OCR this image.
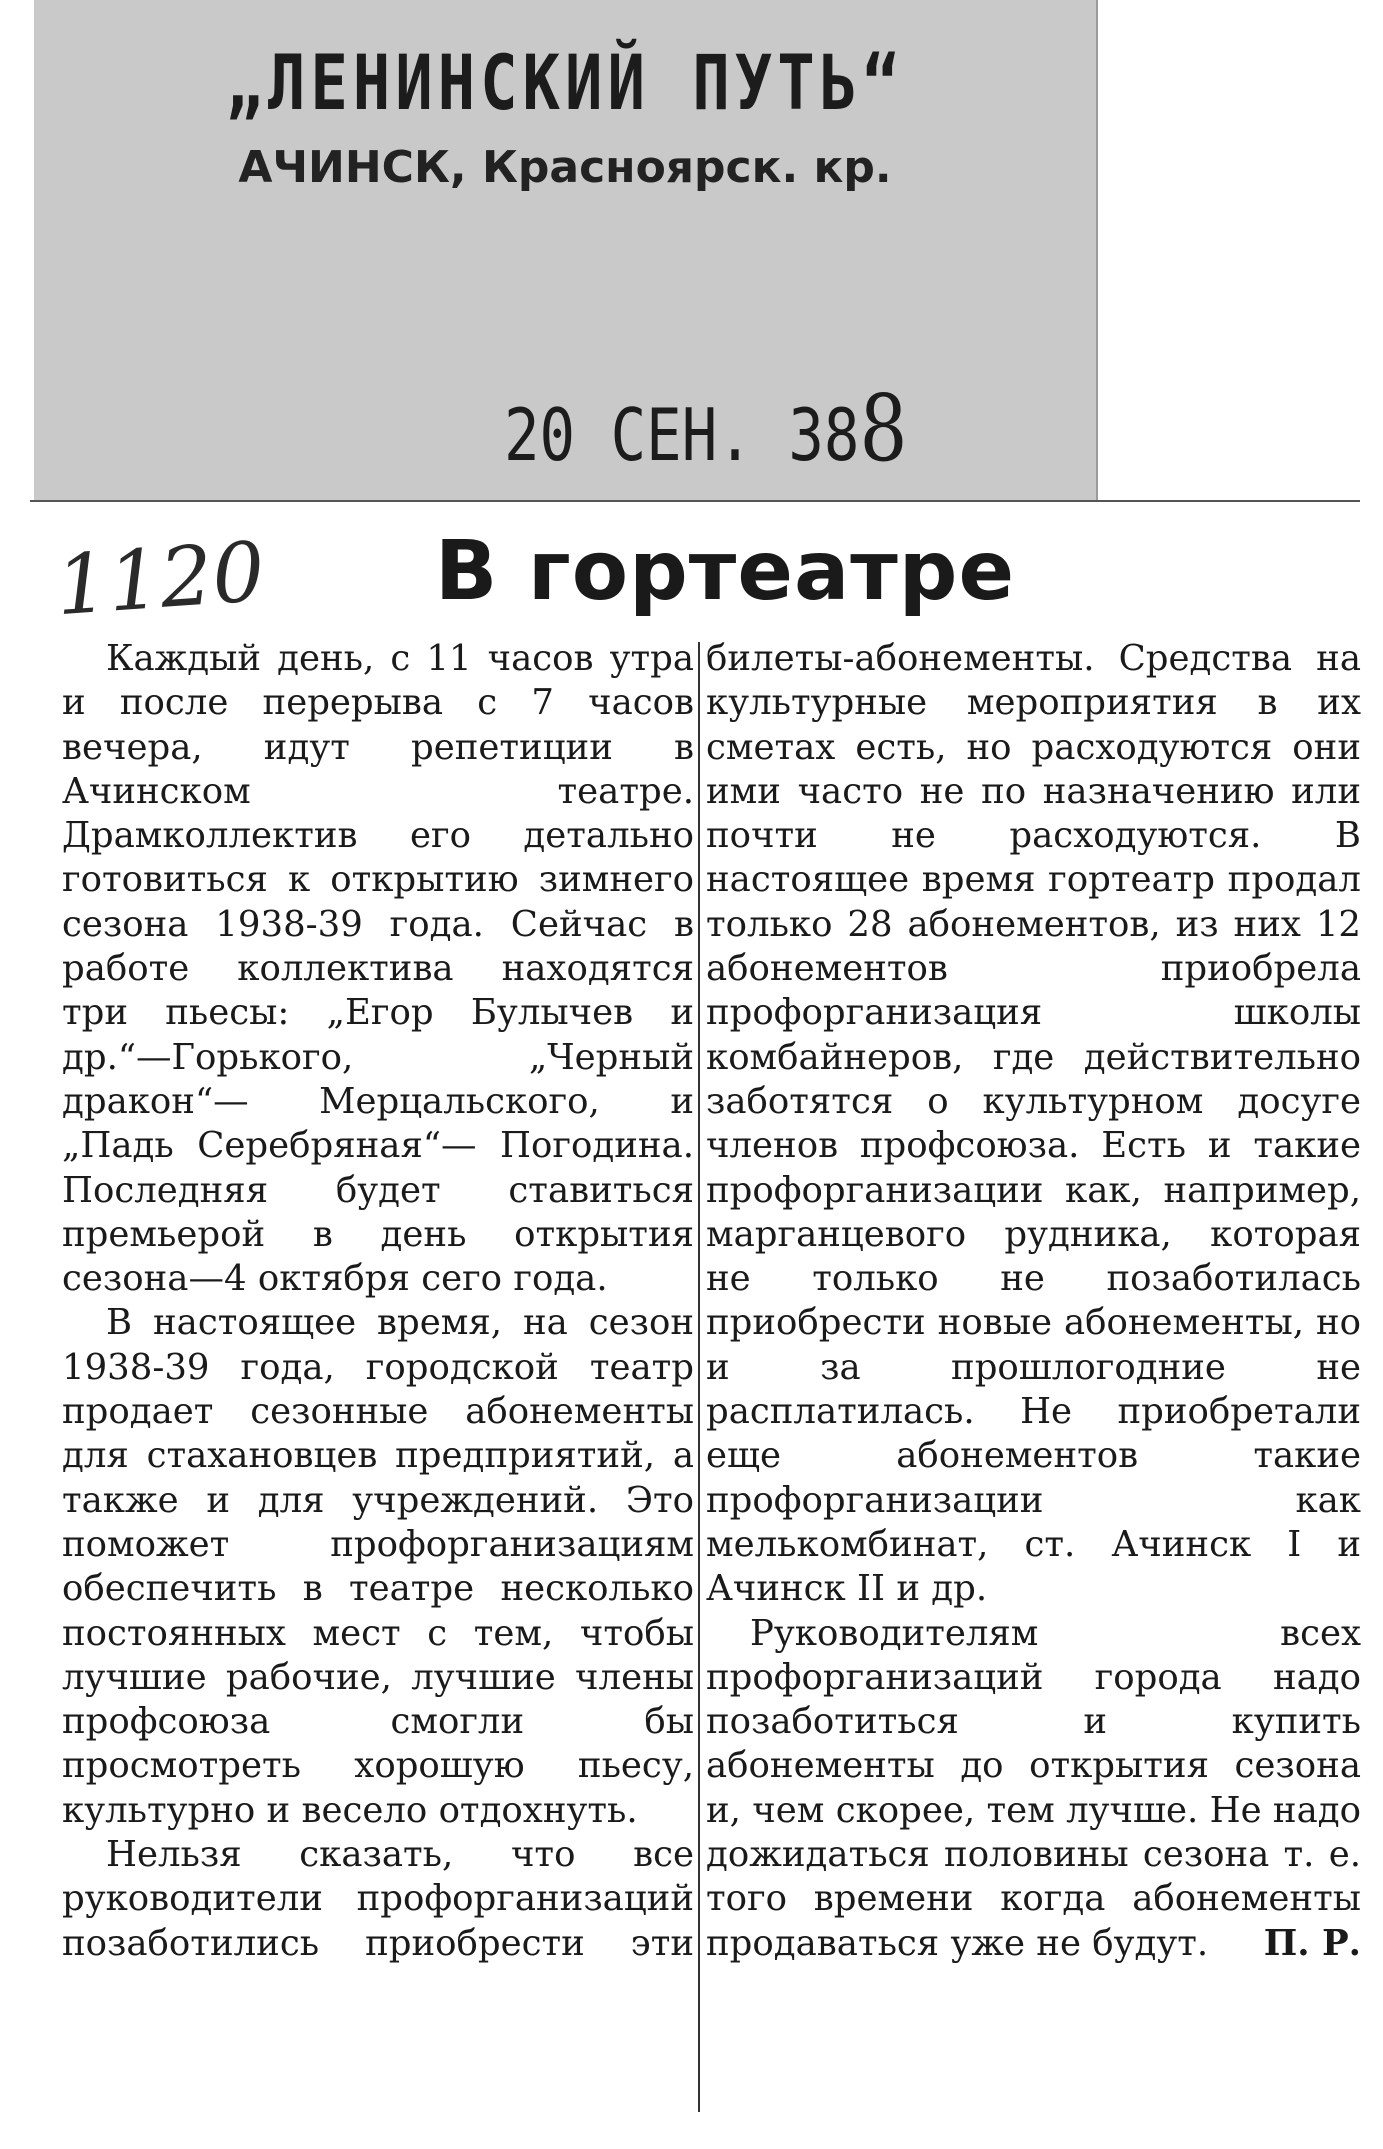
„ЛЕНИНСКИЙ ПУТЬ“
АЧИНСК, Красноярск. кр.
20 СЕН. 388
1120	В гортеатре

Каждый день, с 11 часов утра и после перерыва с 7 часов вечера, идут репетиции в Ачинском театре. Драмколлектив его детально готовиться к открытию зимнего сезона 1938-39 года. Сейчас в работе коллектива находятся три пьесы: „Егор Булычев и др.“—Горького, „Черный дракон“— Мерцальского, и „Падь Серебряная“— Погодина. Последняя будет ставиться премьерой в день открытия сезона—4 октября сего года.

В настоящее время, на сезон 1938-39 года, городской театр продает сезонные абонементы для стахановцев предприятий, а также и для учреждений. Это поможет профорганизациям обеспечить в театре несколько постоянных мест с тем, чтобы лучшие рабочие, лучшие члены профсоюза смогли бы просмотреть хорошую пьесу, культурно и весело отдохнуть.

Нельзя сказать, что все руководители профорганизаций позаботились приобрести эти

билеты-абонементы. Средства на культурные мероприятия в их сметах есть, но расходуются они ими часто не по назначению или почти не расходуются. В настоящее время гортеатр продал только 28 абонементов, из них 12 абонементов приобрела профорганизация школы комбайнеров, где действительно заботятся о культурном досуге членов профсоюза. Есть и такие профорганизации как, например, марганцевого рудника, которая не только не позаботилась приобрести новые абонементы, но и за прошлогодние не расплатилась. Не приобретали еще абонементов такие профорганизации как мелькомбинат, ст. Ачинск I и Ачинск II и др.

Руководителям всех профорганизаций города надо позаботиться и купить абонементы до открытия сезона и, чем скорее, тем лучше. Не надо дожидаться половины сезона т. е. того времени когда абонементы продаваться уже не будут.	П. Р.
